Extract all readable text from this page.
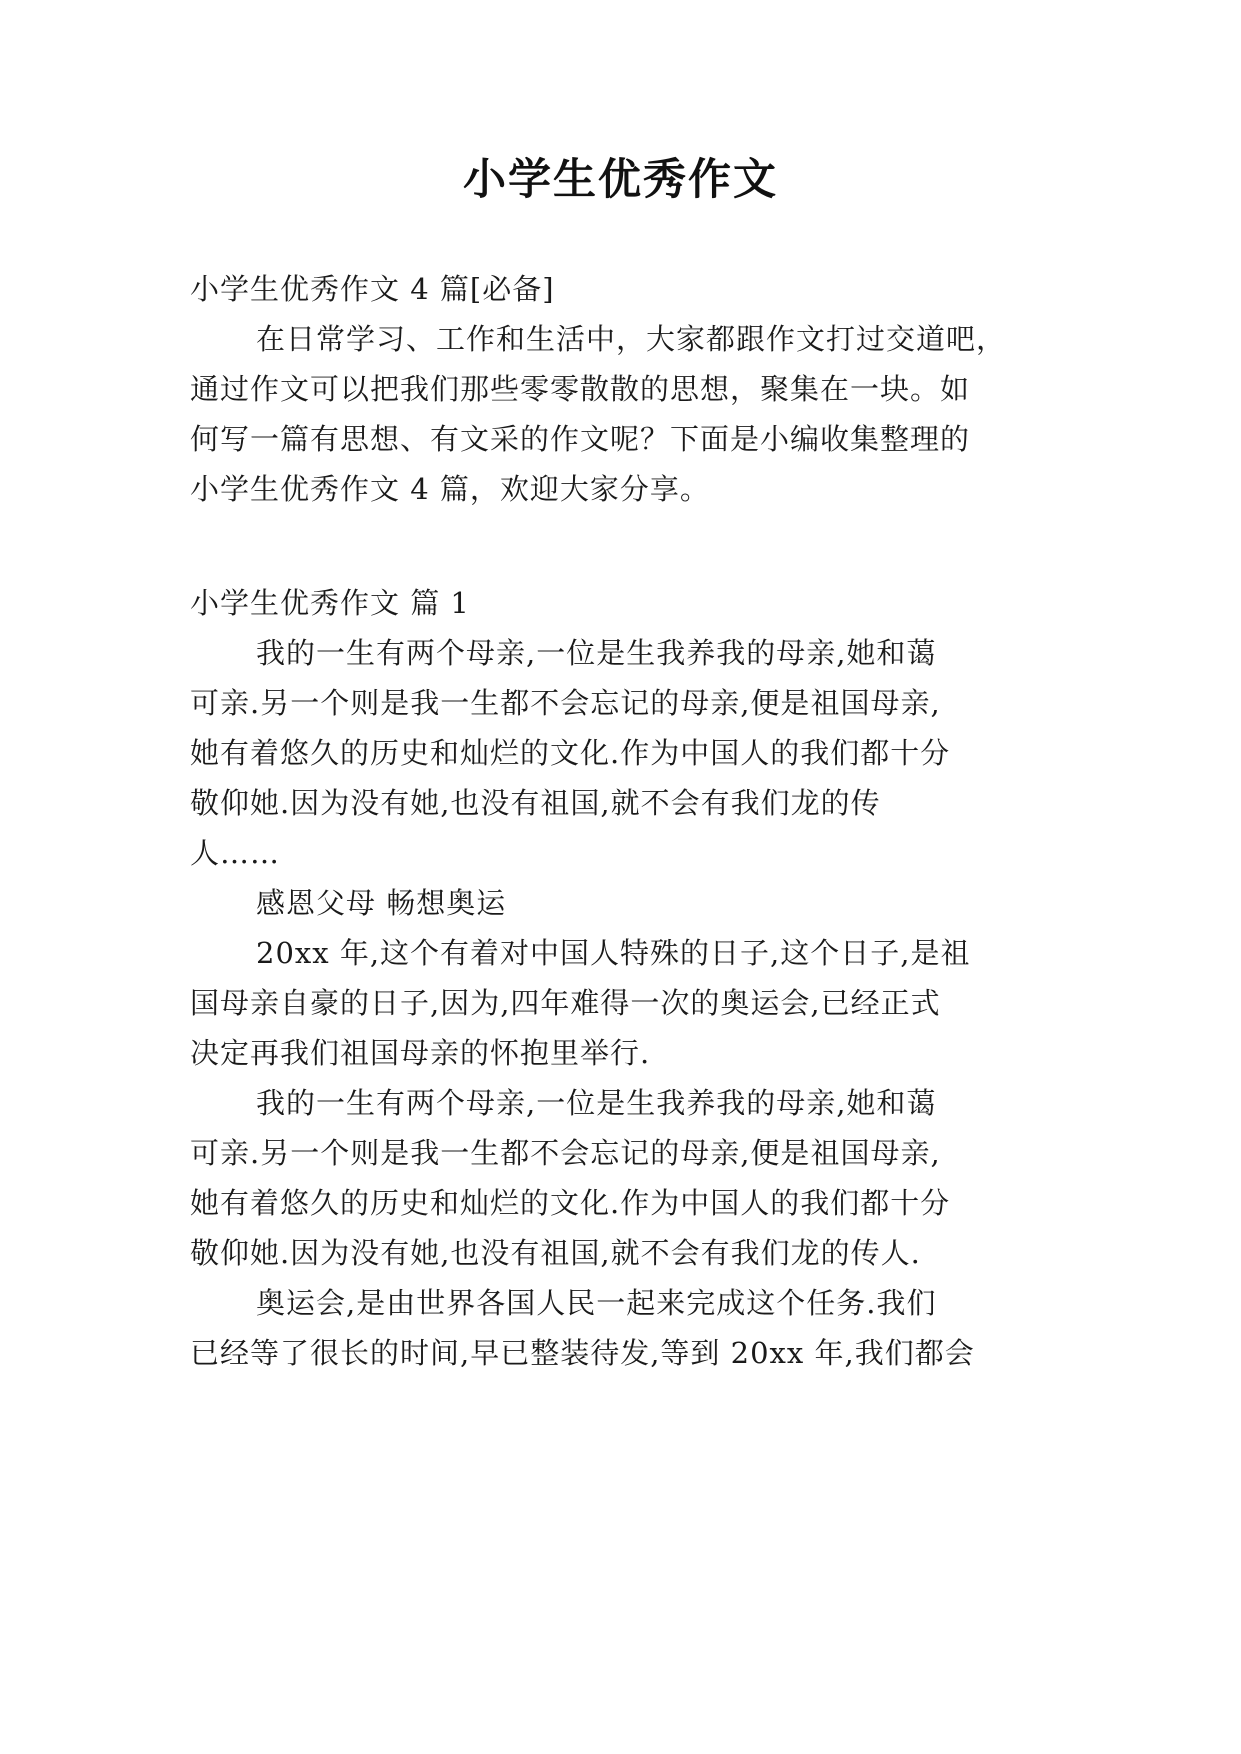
小学生优秀作文
小学生优秀作文 4 篇[必备]
在日常学习、工作和生活中，大家都跟作文打过交道吧，
通过作文可以把我们那些零零散散的思想，聚集在一块。如
何写一篇有思想、有文采的作文呢？下面是小编收集整理的
小学生优秀作文 4 篇，欢迎大家分享。
小学生优秀作文 篇 1
我的一生有两个母亲,一位是生我养我的母亲,她和蔼
可亲.另一个则是我一生都不会忘记的母亲,便是祖国母亲,
她有着悠久的历史和灿烂的文化.作为中国人的我们都十分
敬仰她.因为没有她,也没有祖国,就不会有我们龙的传
人……
感恩父母 畅想奥运
20xx 年,这个有着对中国人特殊的日子,这个日子,是祖
国母亲自豪的日子,因为,四年难得一次的奥运会,已经正式
决定再我们祖国母亲的怀抱里举行.
我的一生有两个母亲,一位是生我养我的母亲,她和蔼
可亲.另一个则是我一生都不会忘记的母亲,便是祖国母亲,
她有着悠久的历史和灿烂的文化.作为中国人的我们都十分
敬仰她.因为没有她,也没有祖国,就不会有我们龙的传人.
奥运会,是由世界各国人民一起来完成这个任务.我们
已经等了很长的时间,早已整装待发,等到 20xx 年,我们都会
